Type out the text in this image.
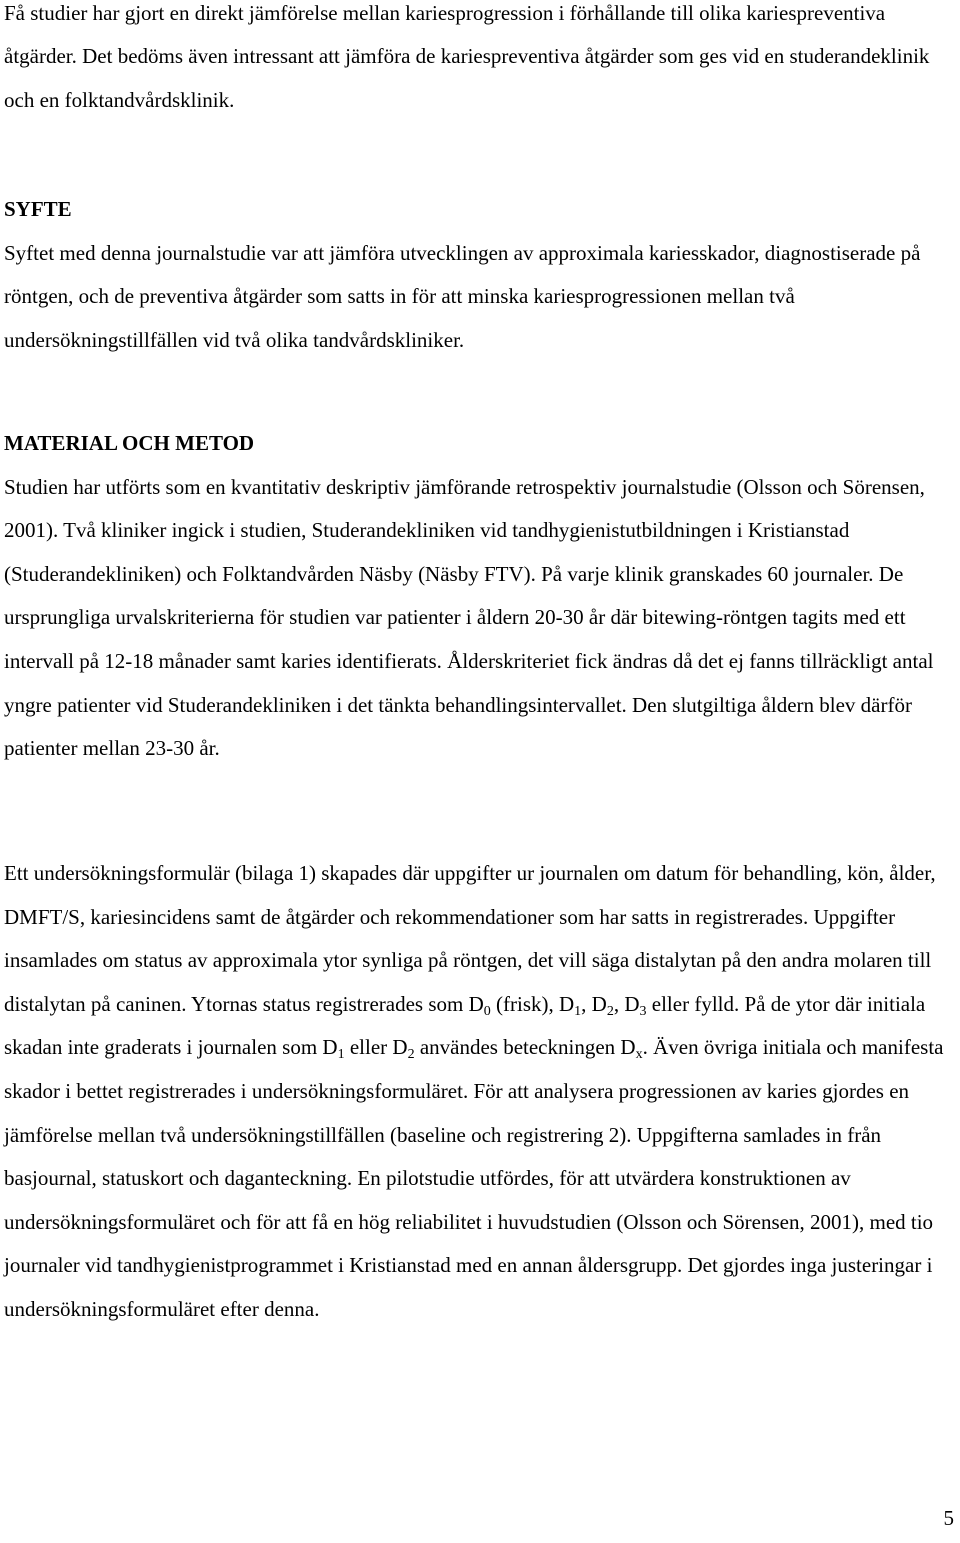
Få studier har gjort en direkt jämförelse mellan kariesprogression i förhållande till olika kariespreventiva åtgärder. Det bedöms även intressant att jämföra de kariespreventiva åtgärder som ges vid en studerandeklinik och en folktandvårdsklinik.

SYFTE

Syftet med denna journalstudie var att jämföra utvecklingen av approximala kariesskador, diagnostiserade på röntgen, och de preventiva åtgärder som satts in för att minska kariesprogressionen mellan två undersökningstillfällen vid två olika tandvårdskliniker.

MATERIAL OCH METOD

Studien har utförts som en kvantitativ deskriptiv jämförande retrospektiv journalstudie (Olsson och Sörensen, 2001). Två kliniker ingick i studien, Studerandekliniken vid tandhygienistutbildningen i Kristianstad (Studerandekliniken) och Folktandvården Näsby (Näsby FTV). På varje klinik granskades 60 journaler. De ursprungliga urvalskriterierna för studien var patienter i åldern 20-30 år där bitewing-röntgen tagits med ett intervall på 12-18 månader samt karies identifierats. Ålderskriteriet fick ändras då det ej fanns tillräckligt antal yngre patienter vid Studerandekliniken i det tänkta behandlingsintervallet. Den slutgiltiga åldern blev därför patienter mellan 23-30 år.

Ett undersökningsformulär (bilaga 1) skapades där uppgifter ur journalen om datum för behandling, kön, ålder, DMFT/S, kariesincidens samt de åtgärder och rekommendationer som har satts in registrerades. Uppgifter insamlades om status av approximala ytor synliga på röntgen, det vill säga distalytan på den andra molaren till distalytan på caninen. Ytornas status registrerades som $D_0$ (frisk), $D_1$, $D_2$, $D_3$ eller fylld. På de ytor där initiala skadan inte graderats i journalen som $D_1$ eller $D_2$ användes beteckningen $D_x$. Även övriga initiala och manifesta skador i bettet registrerades i undersökningsformuläret. För att analysera progressionen av karies gjordes en jämförelse mellan två undersökningstillfällen (baseline och registrering 2). Uppgifterna samlades in från basjournal, statuskort och daganteckning. En pilotstudie utfördes, för att utvärdera konstruktionen av undersökningsformuläret och för att få en hög reliabilitet i huvudstudien (Olsson och Sörensen, 2001), med tio journaler vid tandhygienistprogrammet i Kristianstad med en annan åldersgrupp. Det gjordes inga justeringar i undersökningsformuläret efter denna.

5
